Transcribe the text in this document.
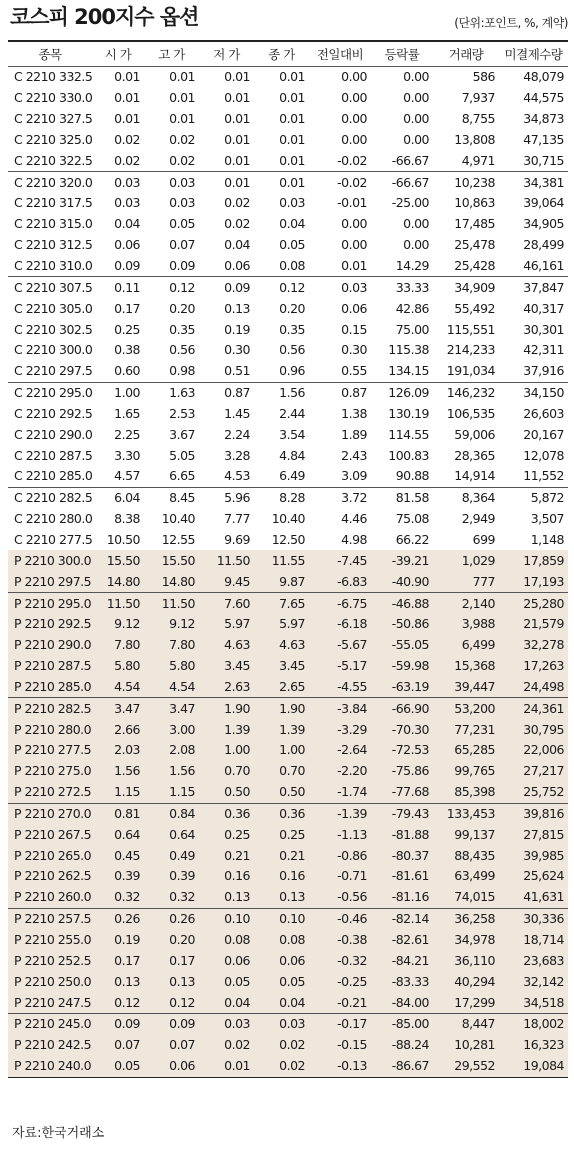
코스피 200지수 옵션	(단위:포인트, %, 계약)
종목	시 가	고 가	저 가	종 가	전일대비	등락률	거래량	미결제수량
C 2210 332.5	0.01	0.01	0.01	0.01	0.00	0.00	586	48,079
C 2210 330.0	0.01	0.01	0.01	0.01	0.00	0.00	7,937	44,575
C 2210 327.5	0.01	0.01	0.01	0.01	0.00	0.00	8,755	34,873
C 2210 325.0	0.02	0.02	0.01	0.01	0.00	0.00	13,808	47,135
C 2210 322.5	0.02	0.02	0.01	0.01	-0.02	-66.67	4,971	30,715
C 2210 320.0	0.03	0.03	0.01	0.01	-0.02	-66.67	10,238	34,381
C 2210 317.5	0.03	0.03	0.02	0.03	-0.01	-25.00	10,863	39,064
C 2210 315.0	0.04	0.05	0.02	0.04	0.00	0.00	17,485	34,905
C 2210 312.5	0.06	0.07	0.04	0.05	0.00	0.00	25,478	28,499
C 2210 310.0	0.09	0.09	0.06	0.08	0.01	14.29	25,428	46,161
C 2210 307.5	0.11	0.12	0.09	0.12	0.03	33.33	34,909	37,847
C 2210 305.0	0.17	0.20	0.13	0.20	0.06	42.86	55,492	40,317
C 2210 302.5	0.25	0.35	0.19	0.35	0.15	75.00	115,551	30,301
C 2210 300.0	0.38	0.56	0.30	0.56	0.30	115.38	214,233	42,311
C 2210 297.5	0.60	0.98	0.51	0.96	0.55	134.15	191,034	37,916
C 2210 295.0	1.00	1.63	0.87	1.56	0.87	126.09	146,232	34,150
C 2210 292.5	1.65	2.53	1.45	2.44	1.38	130.19	106,535	26,603
C 2210 290.0	2.25	3.67	2.24	3.54	1.89	114.55	59,006	20,167
C 2210 287.5	3.30	5.05	3.28	4.84	2.43	100.83	28,365	12,078
C 2210 285.0	4.57	6.65	4.53	6.49	3.09	90.88	14,914	11,552
C 2210 282.5	6.04	8.45	5.96	8.28	3.72	81.58	8,364	5,872
C 2210 280.0	8.38	10.40	7.77	10.40	4.46	75.08	2,949	3,507
C 2210 277.5	10.50	12.55	9.69	12.50	4.98	66.22	699	1,148
P 2210 300.0	15.50	15.50	11.50	11.55	-7.45	-39.21	1,029	17,859
P 2210 297.5	14.80	14.80	9.45	9.87	-6.83	-40.90	777	17,193
P 2210 295.0	11.50	11.50	7.60	7.65	-6.75	-46.88	2,140	25,280
P 2210 292.5	9.12	9.12	5.97	5.97	-6.18	-50.86	3,988	21,579
P 2210 290.0	7.80	7.80	4.63	4.63	-5.67	-55.05	6,499	32,278
P 2210 287.5	5.80	5.80	3.45	3.45	-5.17	-59.98	15,368	17,263
P 2210 285.0	4.54	4.54	2.63	2.65	-4.55	-63.19	39,447	24,498
P 2210 282.5	3.47	3.47	1.90	1.90	-3.84	-66.90	53,200	24,361
P 2210 280.0	2.66	3.00	1.39	1.39	-3.29	-70.30	77,231	30,795
P 2210 277.5	2.03	2.08	1.00	1.00	-2.64	-72.53	65,285	22,006
P 2210 275.0	1.56	1.56	0.70	0.70	-2.20	-75.86	99,765	27,217
P 2210 272.5	1.15	1.15	0.50	0.50	-1.74	-77.68	85,398	25,752
P 2210 270.0	0.81	0.84	0.36	0.36	-1.39	-79.43	133,453	39,816
P 2210 267.5	0.64	0.64	0.25	0.25	-1.13	-81.88	99,137	27,815
P 2210 265.0	0.45	0.49	0.21	0.21	-0.86	-80.37	88,435	39,985
P 2210 262.5	0.39	0.39	0.16	0.16	-0.71	-81.61	63,499	25,624
P 2210 260.0	0.32	0.32	0.13	0.13	-0.56	-81.16	74,015	41,631
P 2210 257.5	0.26	0.26	0.10	0.10	-0.46	-82.14	36,258	30,336
P 2210 255.0	0.19	0.20	0.08	0.08	-0.38	-82.61	34,978	18,714
P 2210 252.5	0.17	0.17	0.06	0.06	-0.32	-84.21	36,110	23,683
P 2210 250.0	0.13	0.13	0.05	0.05	-0.25	-83.33	40,294	32,142
P 2210 247.5	0.12	0.12	0.04	0.04	-0.21	-84.00	17,299	34,518
P 2210 245.0	0.09	0.09	0.03	0.03	-0.17	-85.00	8,447	18,002
P 2210 242.5	0.07	0.07	0.02	0.02	-0.15	-88.24	10,281	16,323
P 2210 240.0	0.05	0.06	0.01	0.02	-0.13	-86.67	29,552	19,084
자료:한국거래소
